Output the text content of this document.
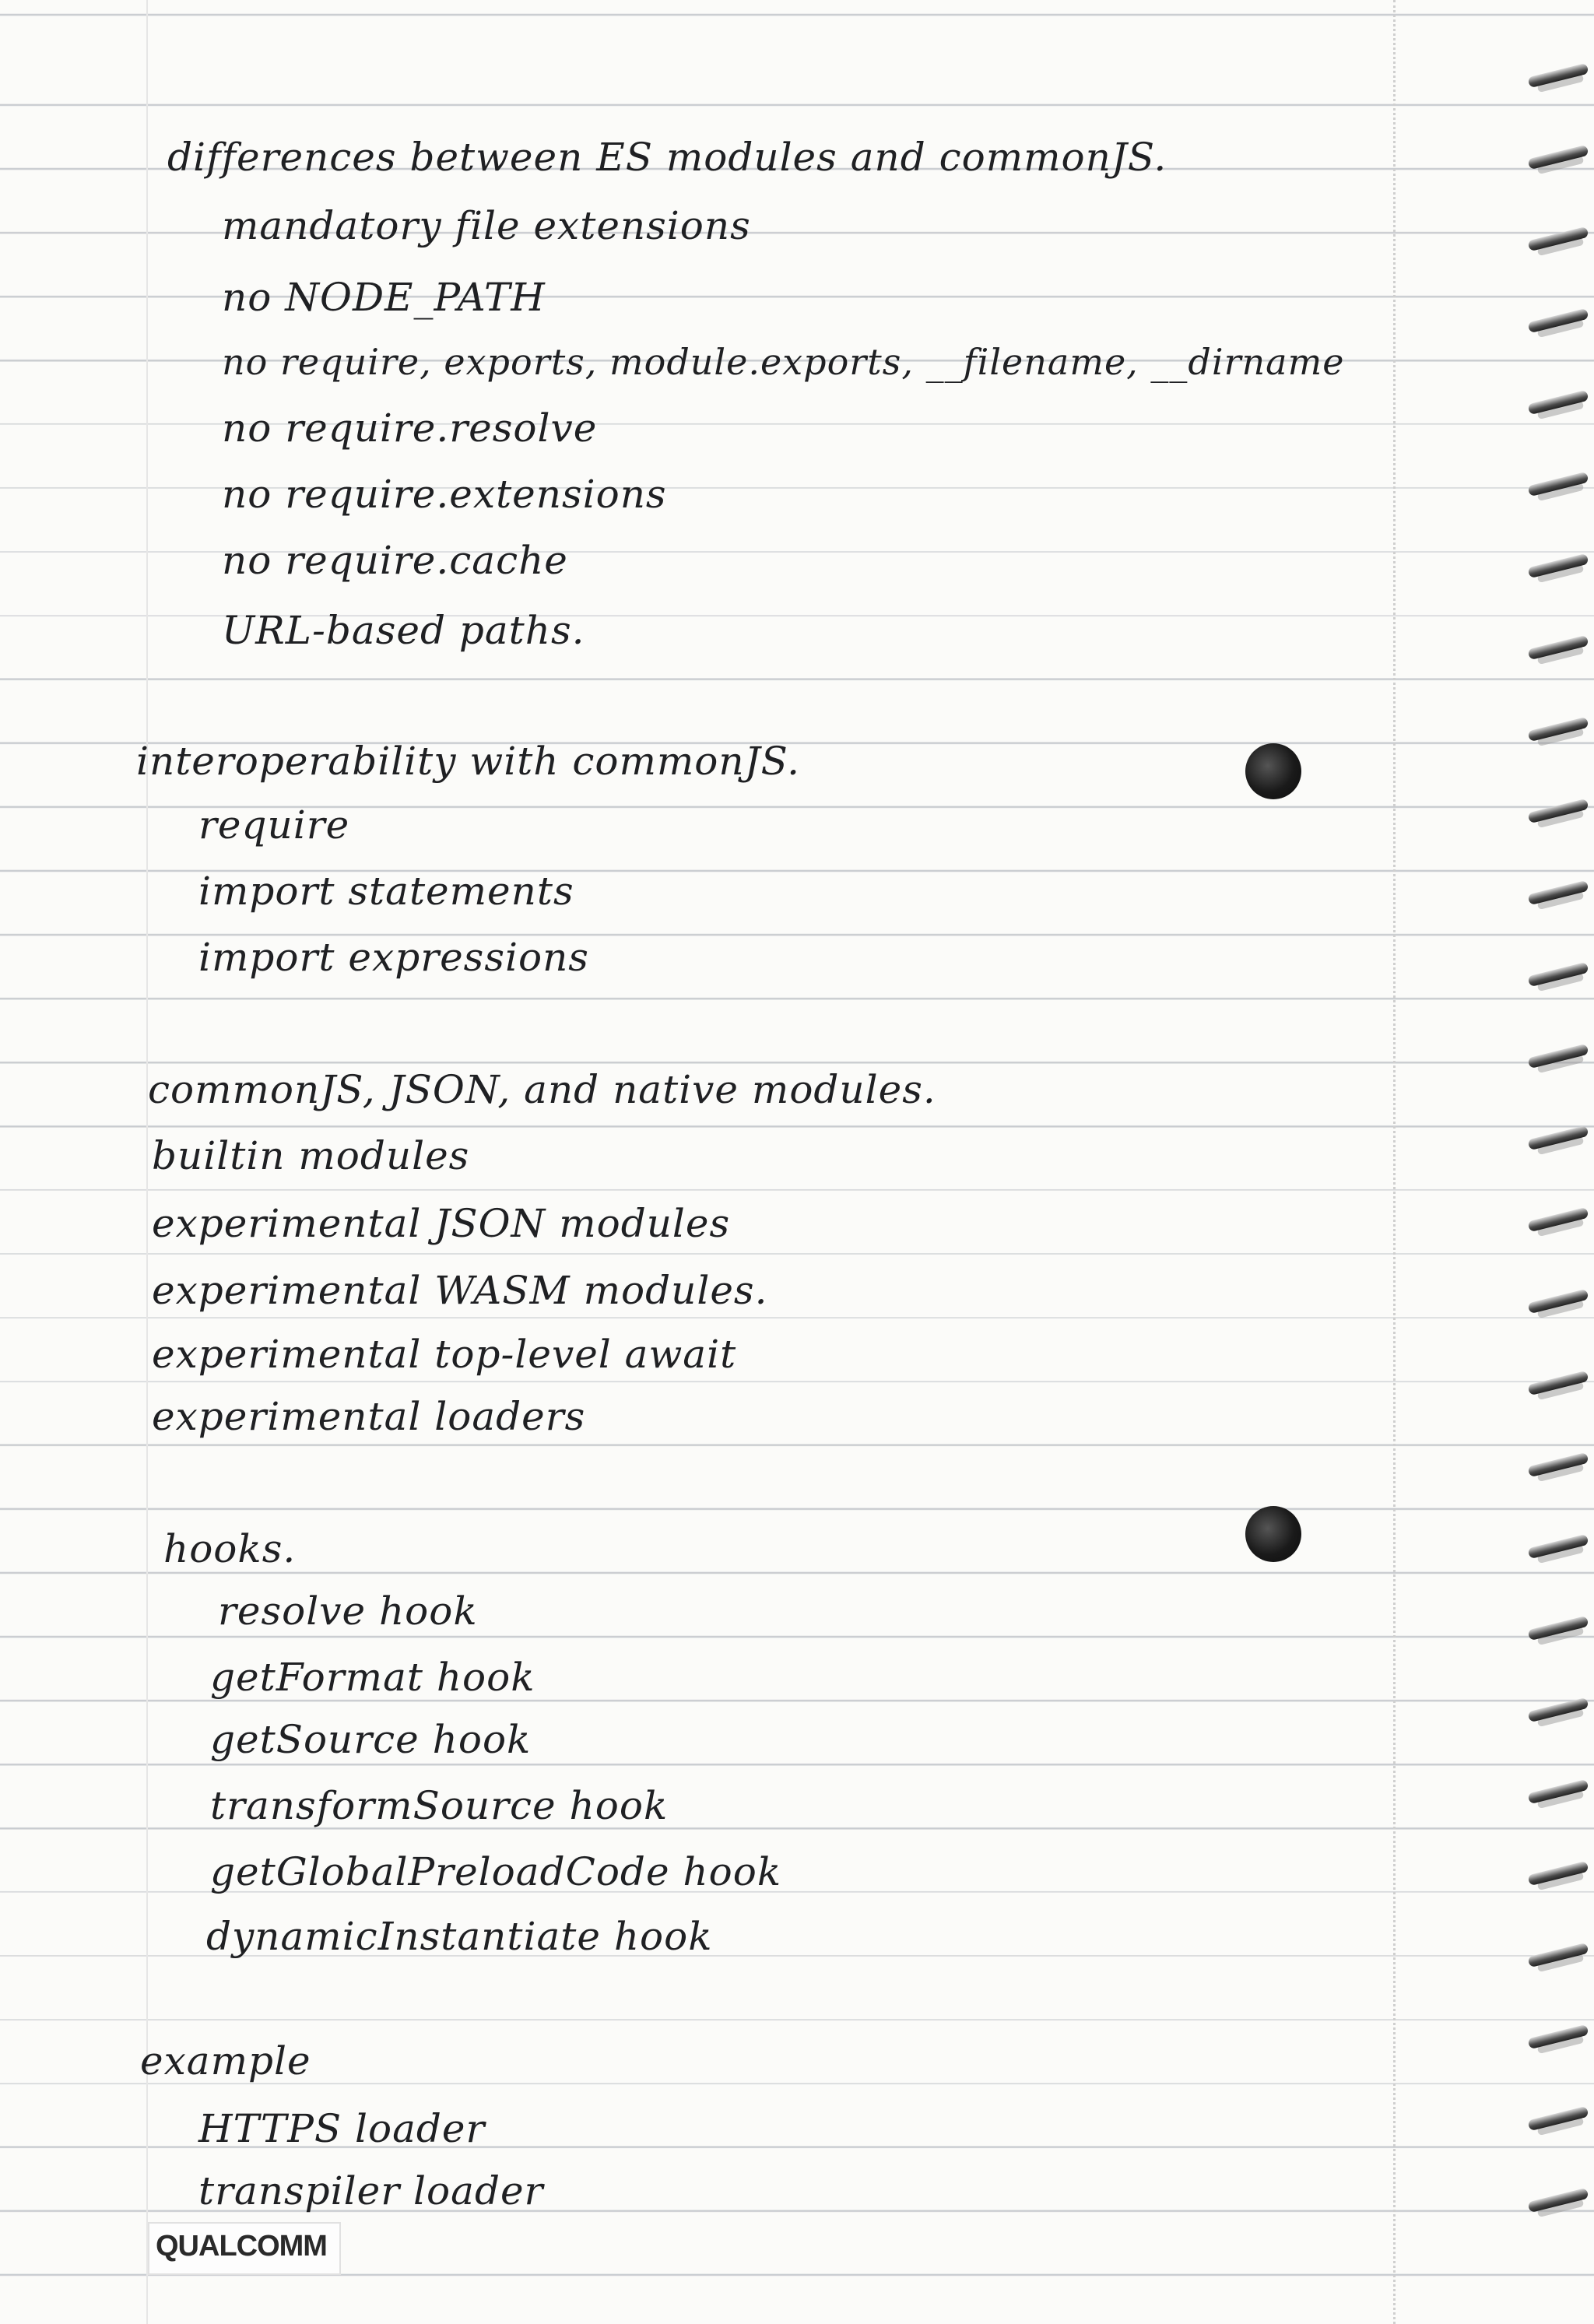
differences between ES modules and commonJS.
mandatory file extensions
no NODE_PATH
no require, exports, module.exports, __filename, __dirname
no require.resolve
no require.extensions
no require.cache
URL-based paths.
interoperability with commonJS.
require
import statements
import expressions
commonJS, JSON, and native modules.
builtin modules
experimental JSON modules
experimental WASM modules.
experimental top-level await
experimental loaders
hooks.
resolve hook
getFormat hook
getSource hook
transformSource hook
getGlobalPreloadCode hook
dynamicInstantiate hook
example
HTTPS loader
transpiler loader
QUALCOMM
